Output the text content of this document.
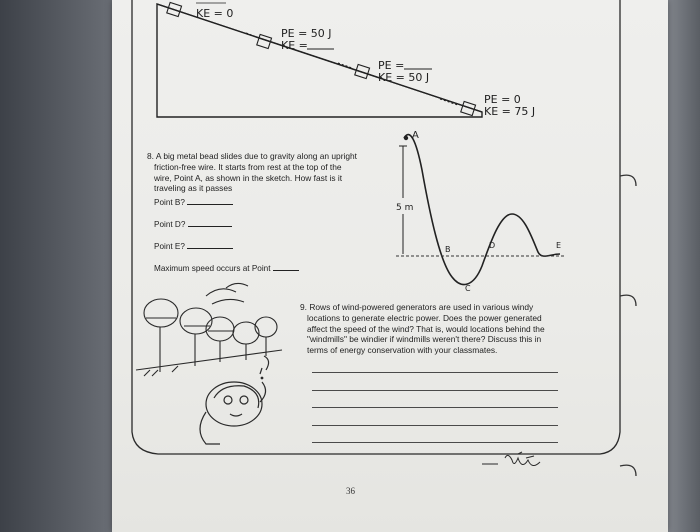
KE = 0
PE = 50 J
KE =
PE =
KE = 50 J
PE = 0
KE = 75 J
5 m
A
B
C
D	E
Think and Explain!
8. A big metal bead slides due to gravity along an upright
friction-free wire. It starts from rest at the top of the
wire, Point A, as shown in the sketch. How fast is it
traveling as it passes
Point B?
Point D?
Point E?
Maximum speed occurs at Point
9. Rows of wind-powered generators are used in various windy
locations to generate electric power. Does the power generated
affect the speed of the wind? That is, would locations behind the
"windmills" be windier if windmills weren't there? Discuss this in
terms of energy conservation with your classmates.
36
